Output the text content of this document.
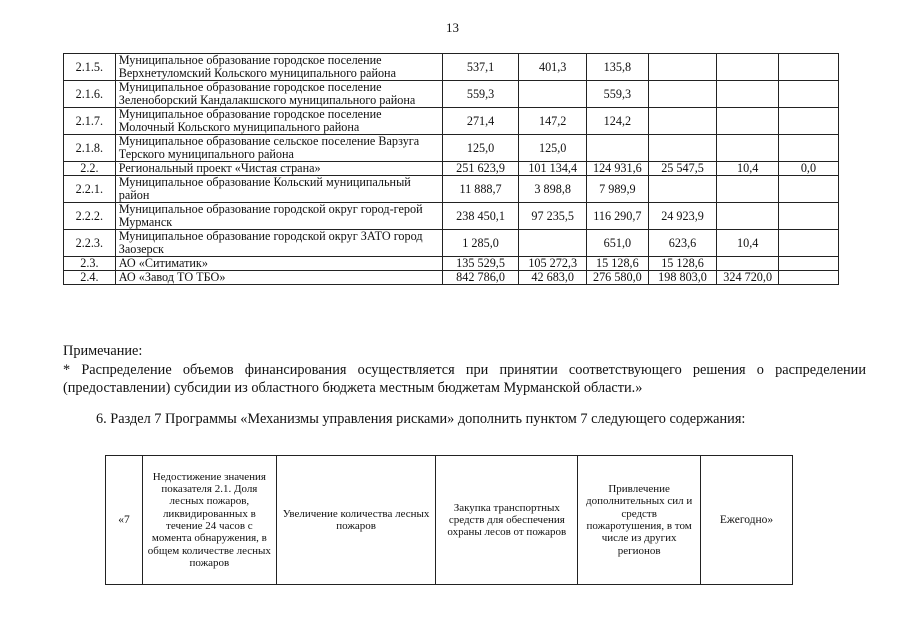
13
2.1.5.	Муниципальное образование городское поселение Верхнетуломский Кольского муниципального района	537,1	401,3	135,8			
2.1.6.	Муниципальное образование городское поселение Зеленоборский Кандалакшского муниципального района	559,3		559,3			
2.1.7.	Муниципальное образование городское поселение Молочный Кольского муниципального района	271,4	147,2	124,2			
2.1.8.	Муниципальное образование сельское поселение Варзуга Терского муниципального района	125,0	125,0				
2.2.	Региональный проект «Чистая страна»	251 623,9	101 134,4	124 931,6	25 547,5	10,4	0,0
2.2.1.	Муниципальное образование Кольский муниципальный район	11 888,7	3 898,8	7 989,9			
2.2.2.	Муниципальное образование городской округ город-герой Мурманск	238 450,1	97 235,5	116 290,7	24 923,9		
2.2.3.	Муниципальное образование городской округ ЗАТО город Заозерск	1 285,0		651,0	623,6	10,4	
2.3.	АО «Ситиматик»	135 529,5	105 272,3	15 128,6	15 128,6		
2.4.	АО «Завод ТО ТБО»	842 786,0	42 683,0	276 580,0	198 803,0	324 720,0	

Примечание:

* Распределение объемов финансирования осуществляется при принятии соответствующего решения о распределении (предоставлении) субсидии из областного бюджета местным бюджетам Мурманской области.»

6. Раздел 7 Программы «Механизмы управления рисками» дополнить пунктом 7 следующего содержания:
«7	Недостижение значения показателя 2.1. Доля лесных пожаров, ликвидированных в течение 24 часов с момента обнаружения, в общем количестве лесных пожаров	Увеличение количества лесных пожаров	Закупка транспортных средств для обеспечения охраны лесов от пожаров	Привлечение дополнительных сил и средств пожаротушения, в том числе из других регионов	Ежегодно»
